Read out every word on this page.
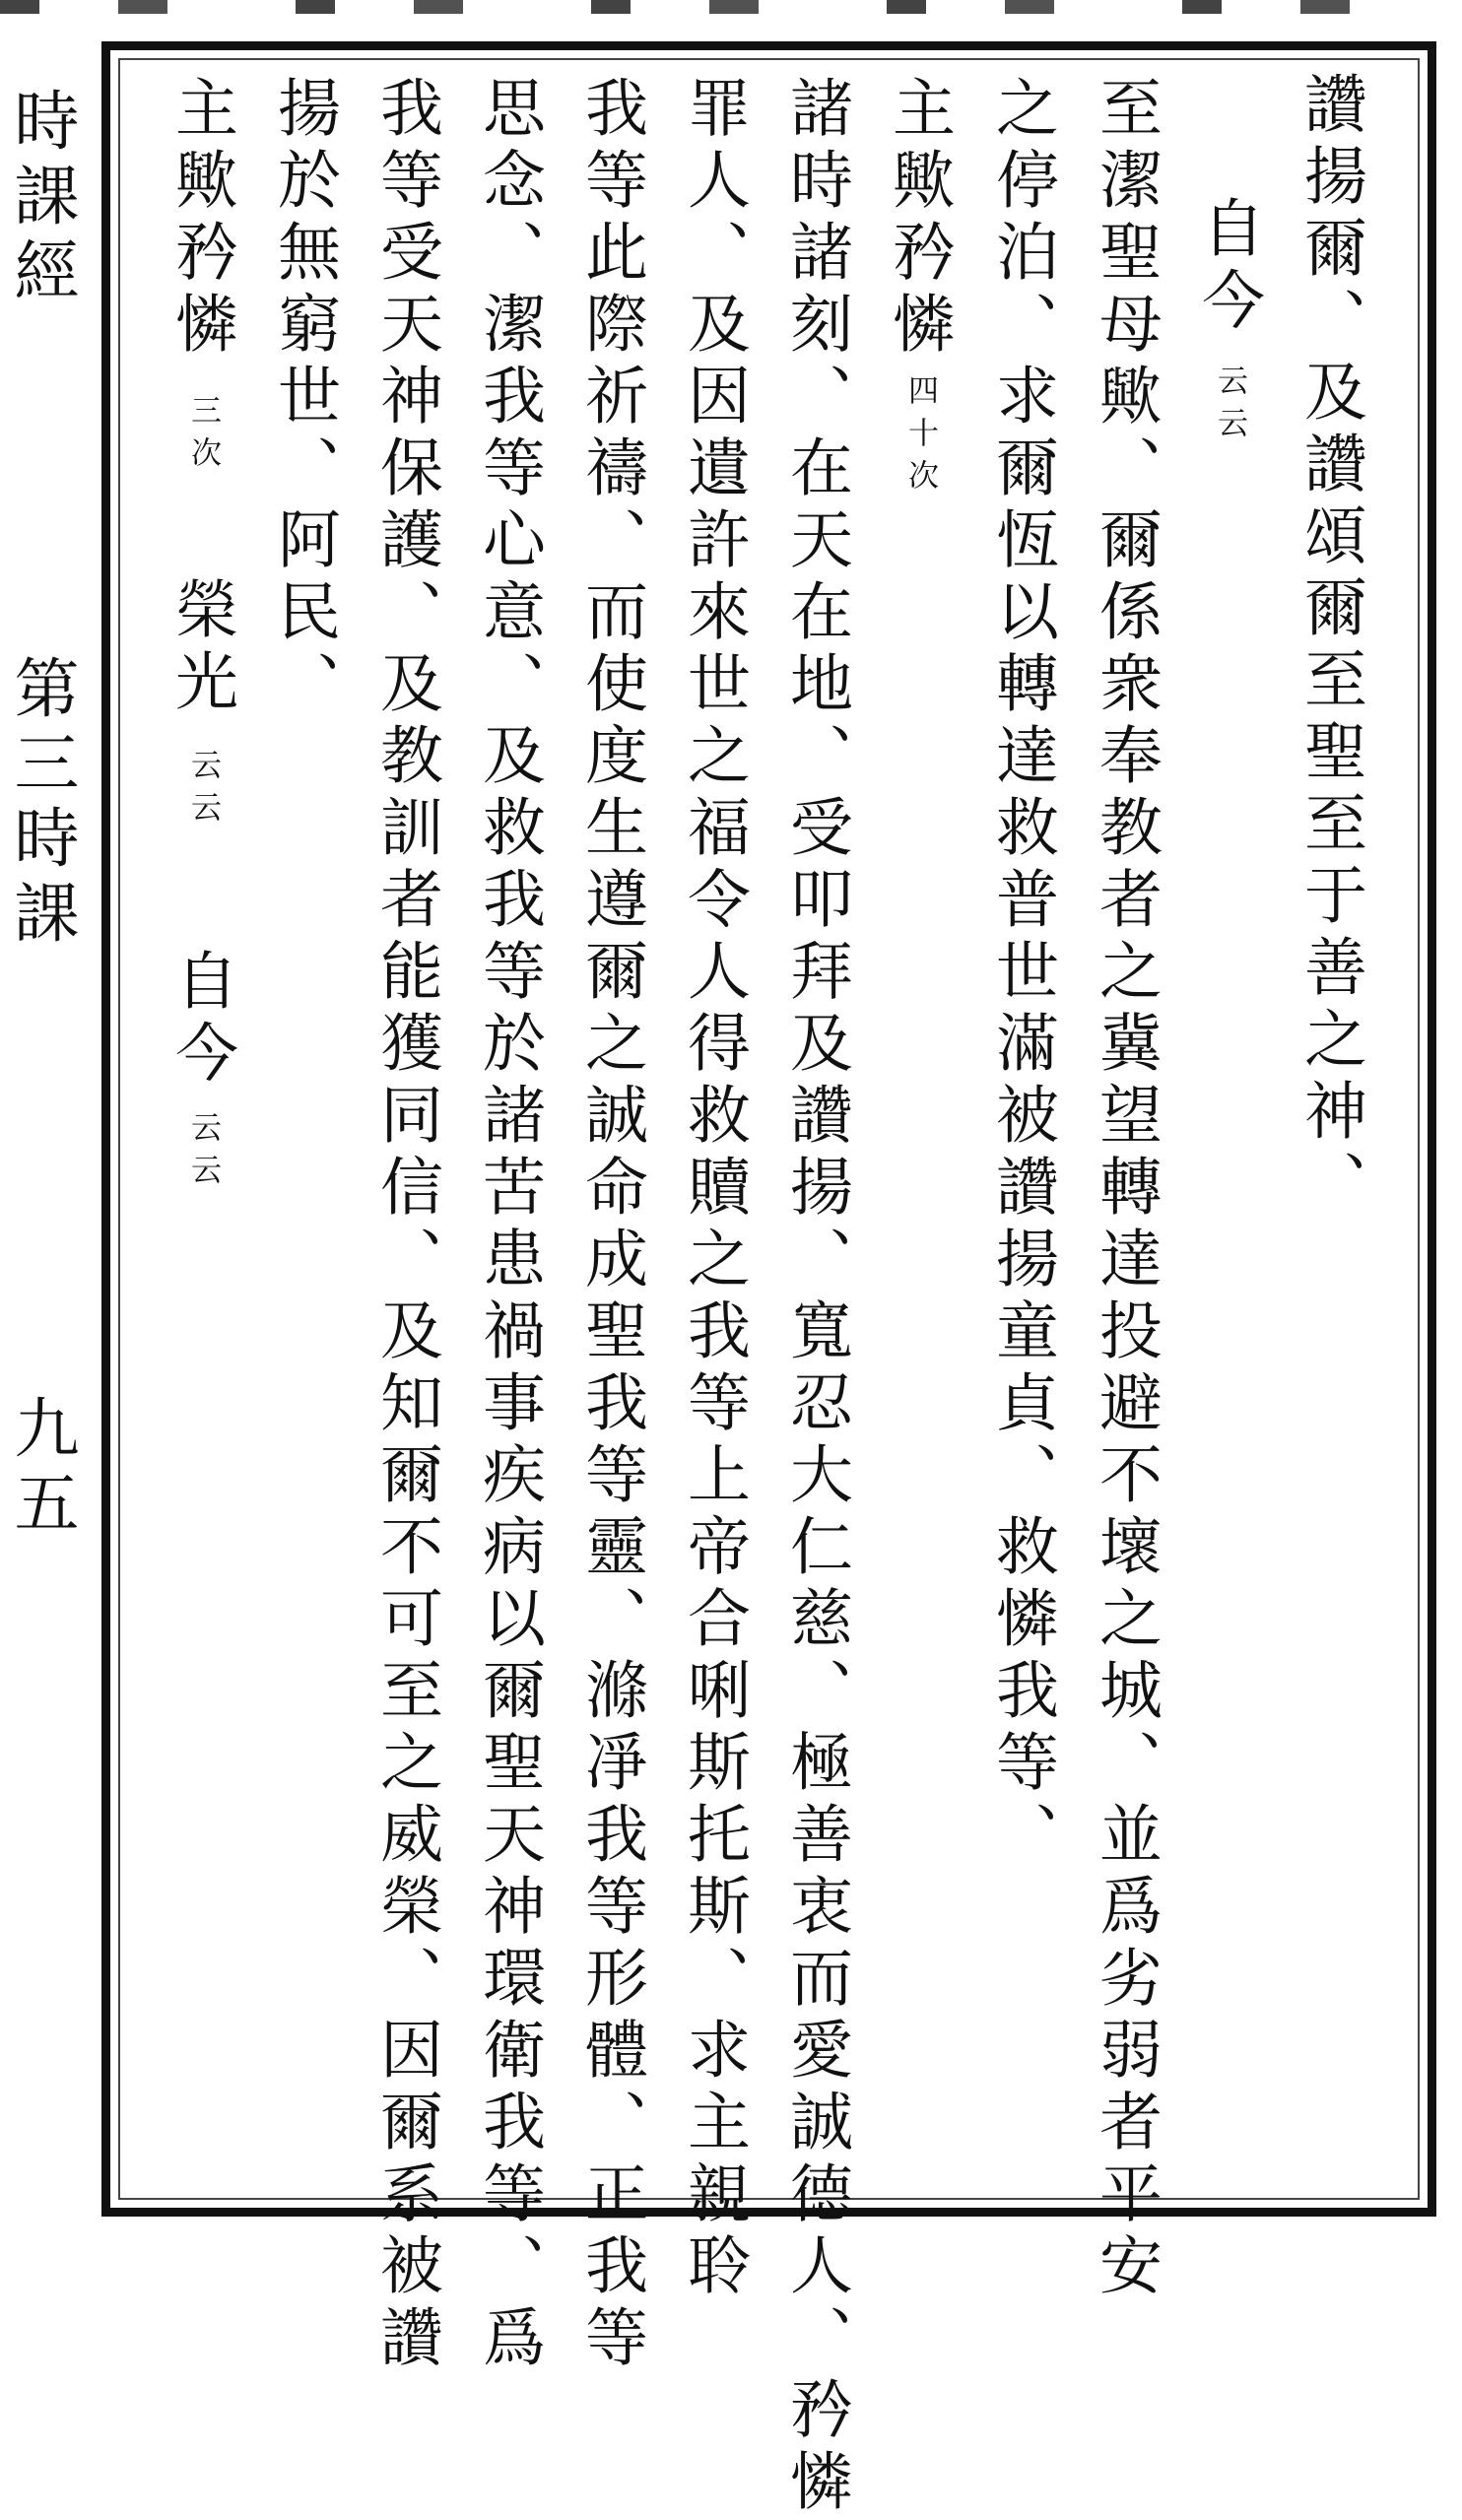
時課經
第三時課
九五
讚揚爾、及讚頌爾至聖至于善之神、
自今
云云
至潔聖母歟、爾係衆奉教者之冀望轉達投避不壞之城、並爲劣弱者平安
之停泊、求爾恆以轉達救普世滿被讚揚童貞、救憐我等、
主歟矜憐
四十次
諸時諸刻、在天在地、受叩拜及讚揚、寬忍大仁慈、極善衷而愛誠德人、矜憐
罪人、及因遺許來世之福令人得救贖之我等上帝合唎斯托斯、求主親聆
我等此際祈禱、而使度生遵爾之誠命成聖我等靈、滌凈我等形體、正我等
思念、潔我等心意、及救我等於諸苦患禍事疾病以爾聖天神環衛我等、爲
我等受天神保護、及教訓者能獲同信、及知爾不可至之威榮、因爾系被讚
揚於無窮世、阿民、
主歟矜憐
三次
榮光
云云
自今
云云
